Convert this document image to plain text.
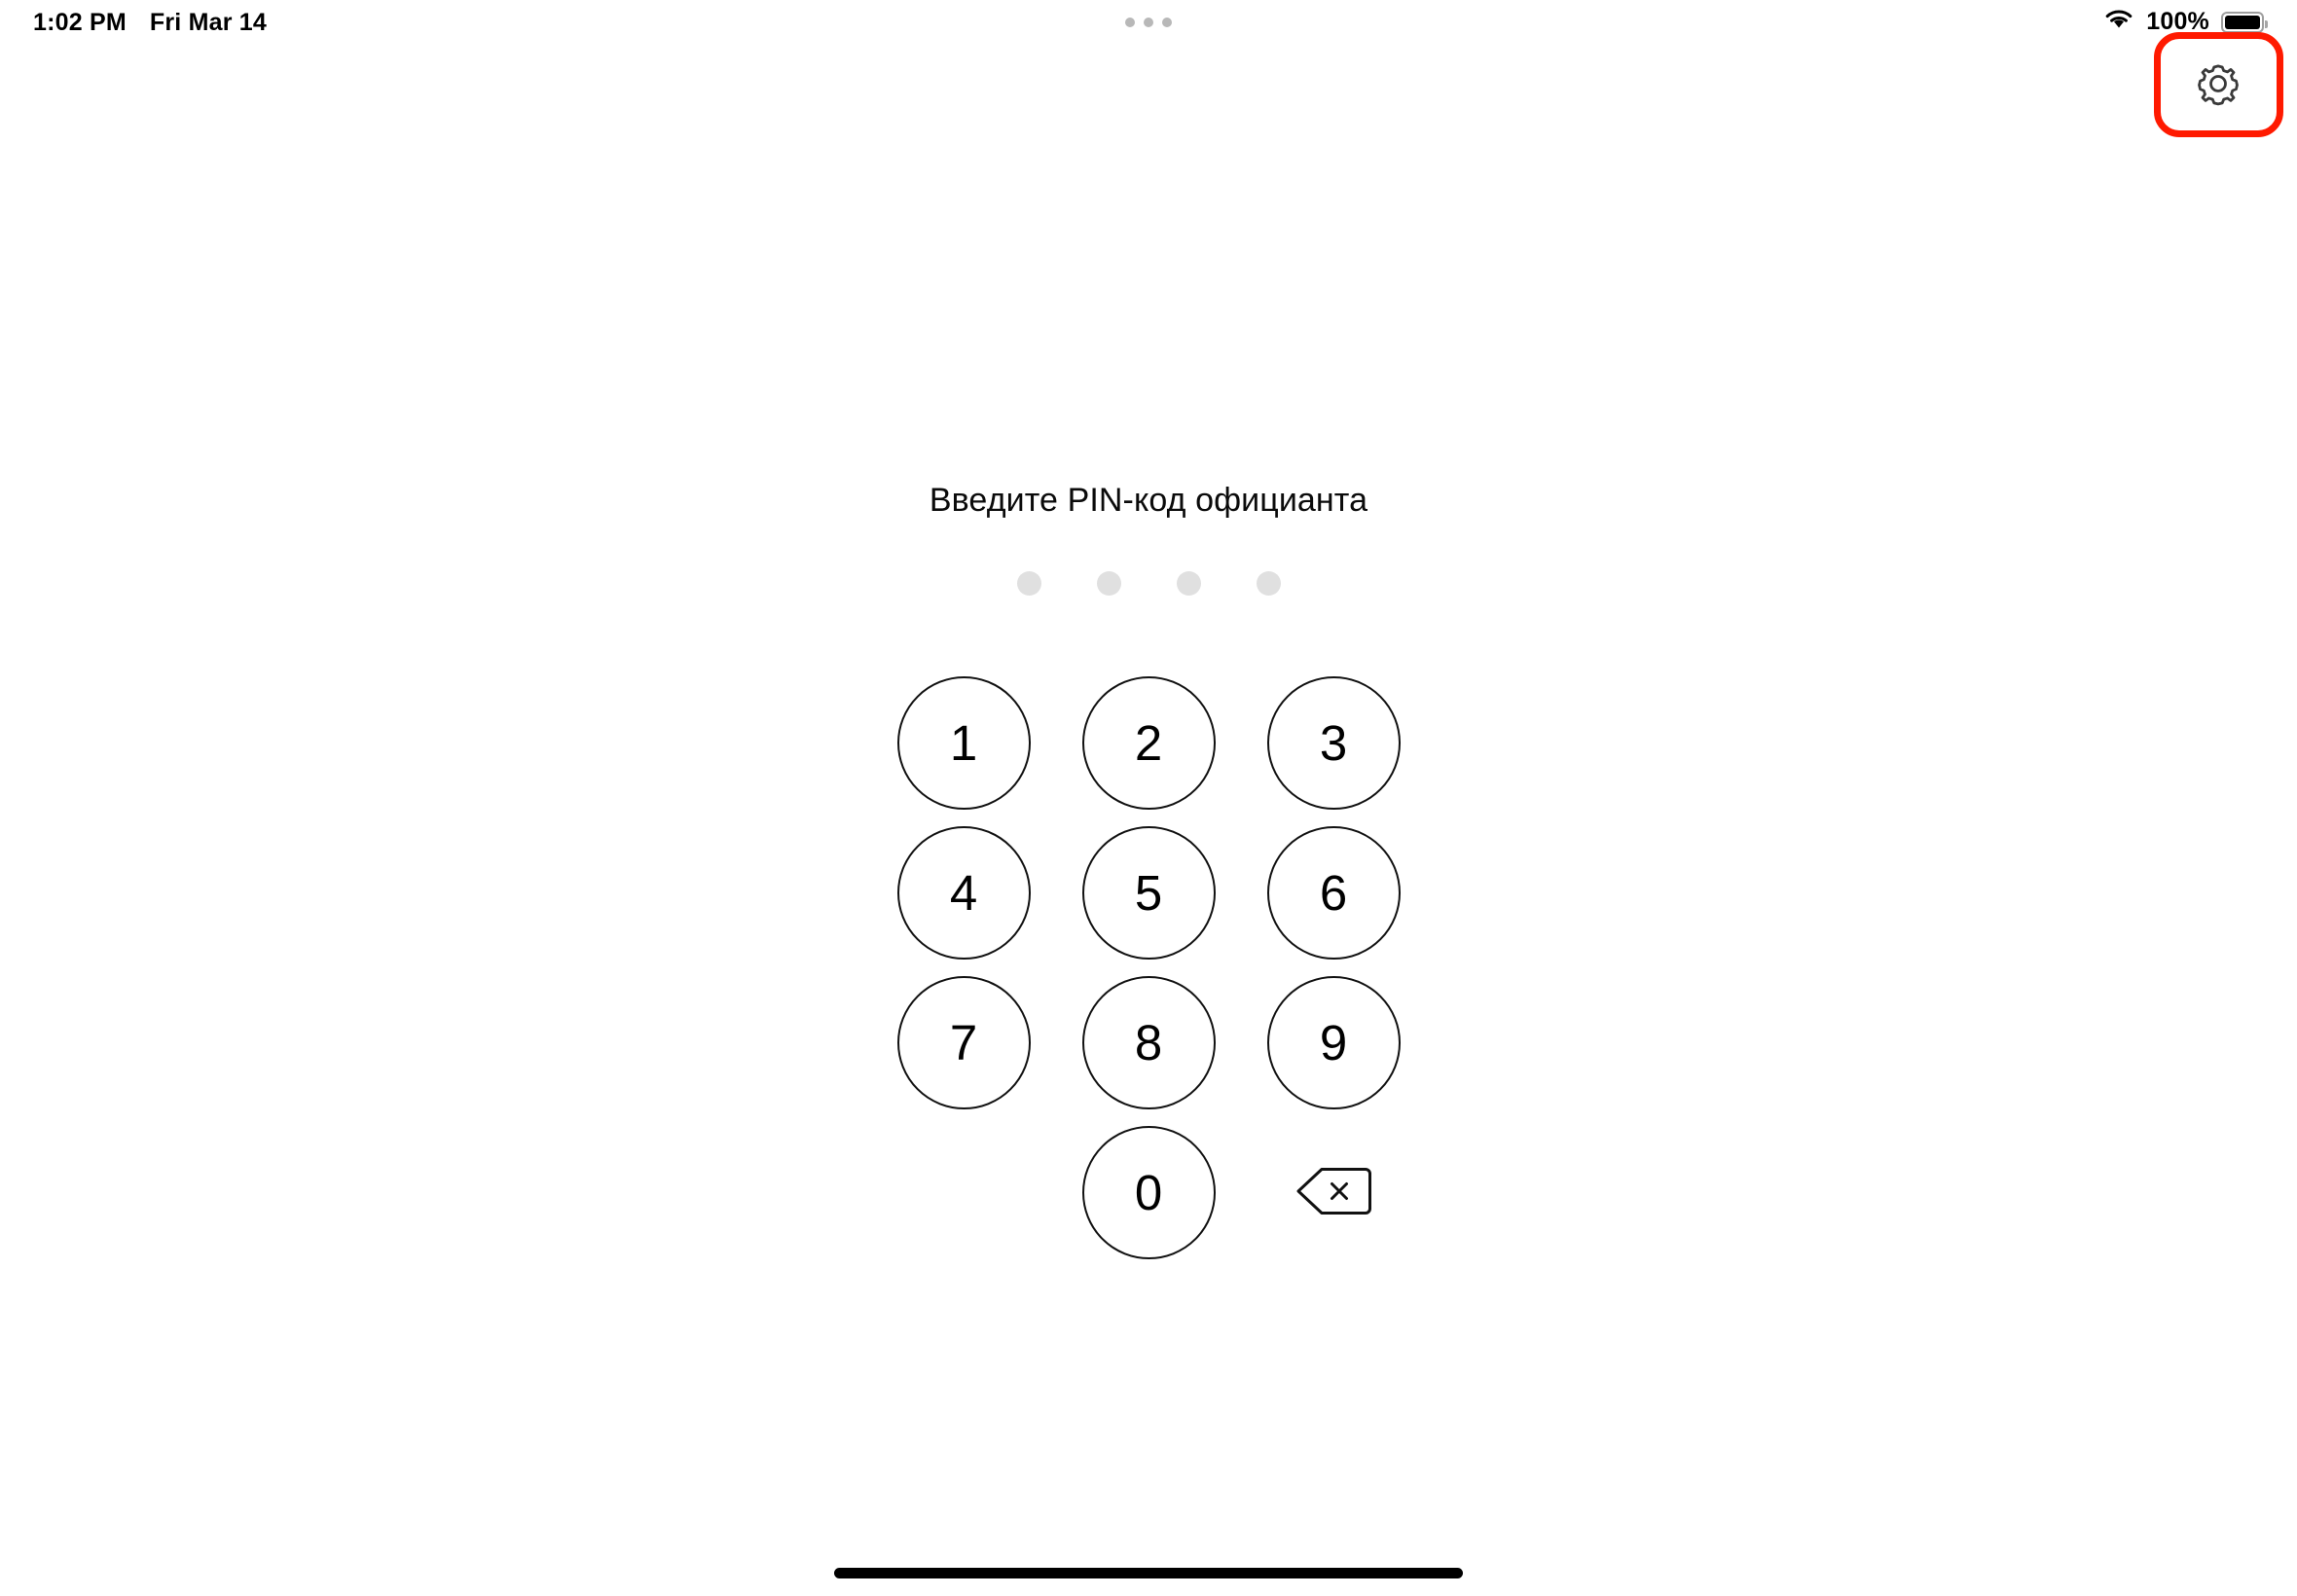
1:02 PM Fri Mar 14	100%
Введите PIN-код официанта
1	2	3
4	5	6
7	8	9
0
